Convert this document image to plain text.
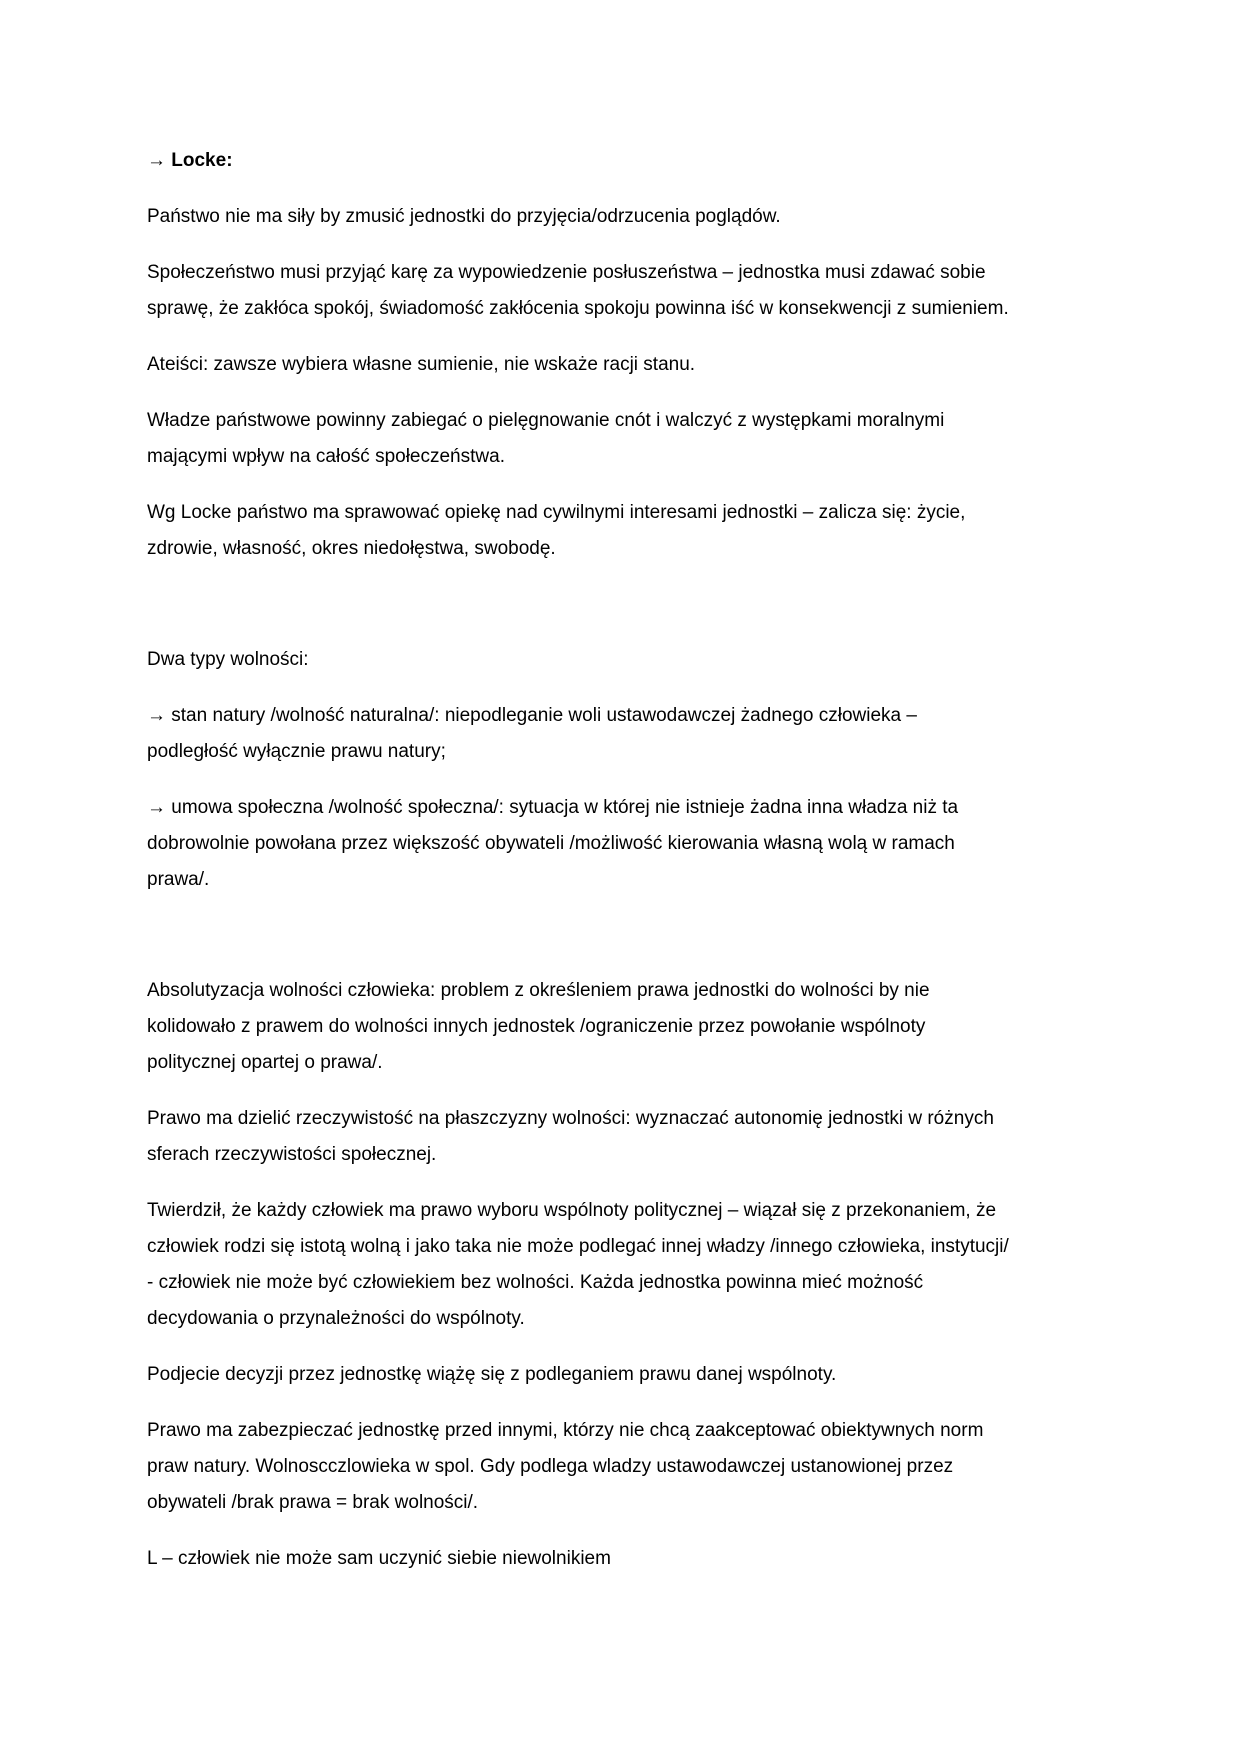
→ Locke:

Państwo nie ma siły by zmusić jednostki do przyjęcia/odrzucenia poglądów.

Społeczeństwo musi przyjąć karę za wypowiedzenie posłuszeństwa – jednostka musi zdawać sobie
sprawę, że zakłóca spokój, świadomość zakłócenia spokoju powinna iść w konsekwencji z sumieniem.

Ateiści: zawsze wybiera własne sumienie, nie wskaże racji stanu.

Władze państwowe powinny zabiegać o pielęgnowanie cnót i walczyć z występkami moralnymi
mającymi wpływ na całość społeczeństwa.

Wg Locke państwo ma sprawować opiekę nad cywilnymi interesami jednostki – zalicza się: życie,
zdrowie, własność, okres niedołęstwa, swobodę.

Dwa typy wolności:

→ stan natury /wolność naturalna/: niepodleganie woli ustawodawczej żadnego człowieka –
podległość wyłącznie prawu natury;

→ umowa społeczna /wolność społeczna/: sytuacja w której nie istnieje żadna inna władza niż ta
dobrowolnie powołana przez większość obywateli /możliwość kierowania własną wolą w ramach
prawa/.

Absolutyzacja wolności człowieka: problem z określeniem prawa jednostki do wolności by nie
kolidowało z prawem do wolności innych jednostek /ograniczenie przez powołanie wspólnoty
politycznej opartej o prawa/.

Prawo ma dzielić rzeczywistość na płaszczyzny wolności: wyznaczać autonomię jednostki w różnych
sferach rzeczywistości społecznej.

Twierdził, że każdy człowiek ma prawo wyboru wspólnoty politycznej – wiązał się z przekonaniem, że
człowiek rodzi się istotą wolną i jako taka nie może podlegać innej władzy /innego człowieka, instytucji/
- człowiek nie może być człowiekiem bez wolności. Każda jednostka powinna mieć możność
decydowania o przynależności do wspólnoty.

Podjecie decyzji przez jednostkę wiążę się z podleganiem prawu danej wspólnoty.

Prawo ma zabezpieczać jednostkę przed innymi, którzy nie chcą zaakceptować obiektywnych norm
praw natury. Wolnoscczlowieka w spol. Gdy podlega wladzy ustawodawczej ustanowionej przez
obywateli /brak prawa = brak wolności/.

L – człowiek nie może sam uczynić siebie niewolnikiem
